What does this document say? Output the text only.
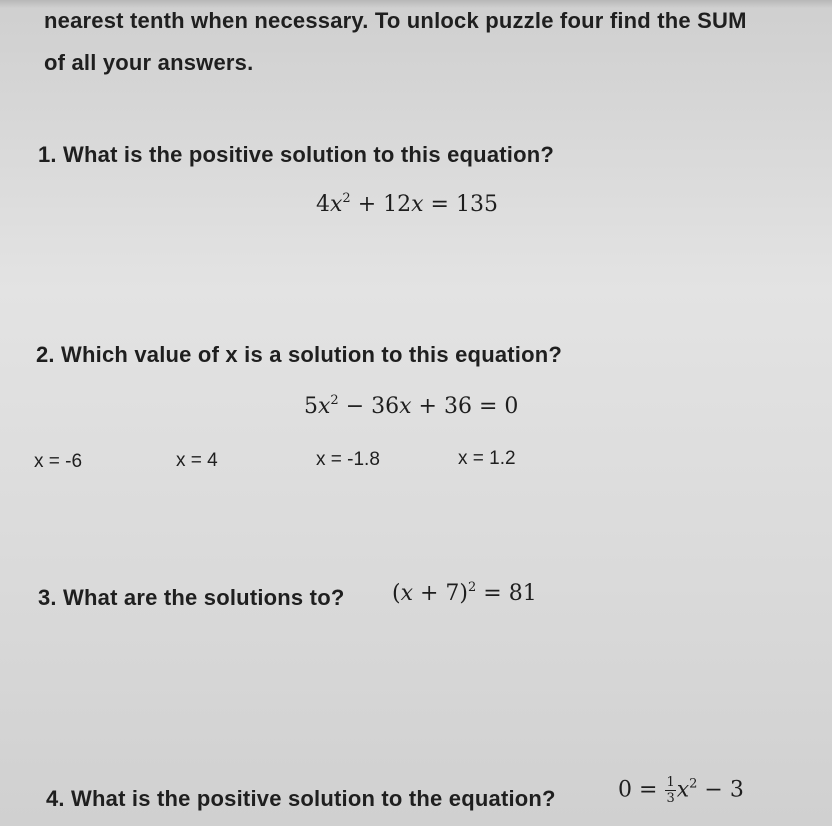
nearest tenth when necessary. To unlock puzzle four find the SUM
of all your answers.
1. What is the positive solution to this equation?
$4x^2 + 12x = 135$
2. Which value of x is a solution to this equation?
$5x^2 - 36x + 36 = 0$
x = -6	x = 4	x = -1.8	x = 1.2
3. What are the solutions to? $(x + 7)^2 = 81$
4. What is the positive solution to the equation?	$0 = \frac{1}{3} x^2 - 3$
